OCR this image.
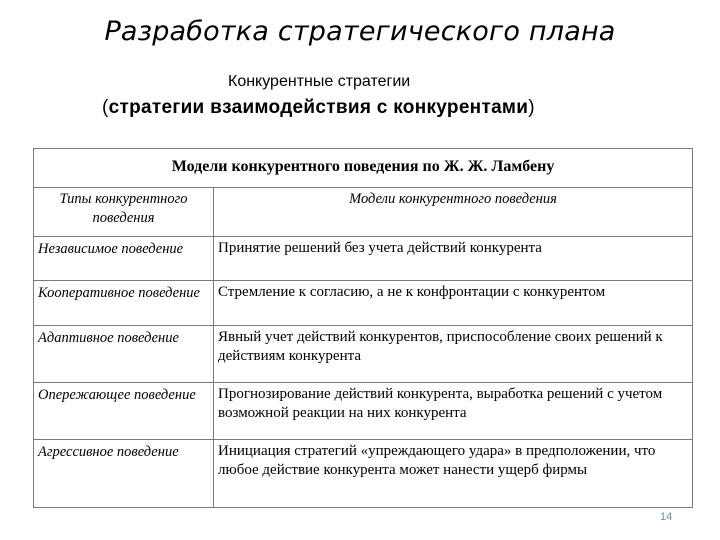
Разработка стратегического плана
Конкурентные стратегии
(стратегии взаимодействия с конкурентами)
Модели конкурентного поведения по Ж. Ж. Ламбену	
Типы конкурентного поведения	Модели конкурентного поведения
Независимое поведение	Принятие решений без учета действий конкурента
Кооперативное поведение	Стремление к согласию, а не к конфронтации с конкурентом
Адаптивное поведение	Явный учет действий конкурентов, приспособление своих решений к действиям конкурента
Опережающее поведение	Прогнозирование действий конкурента, выработка решений с учетом возможной реакции на них конкурента
Агрессивное поведение	Инициация стратегий «упреждающего удара» в предположении, что любое действие конкурента может нанести ущерб фирмы
14
